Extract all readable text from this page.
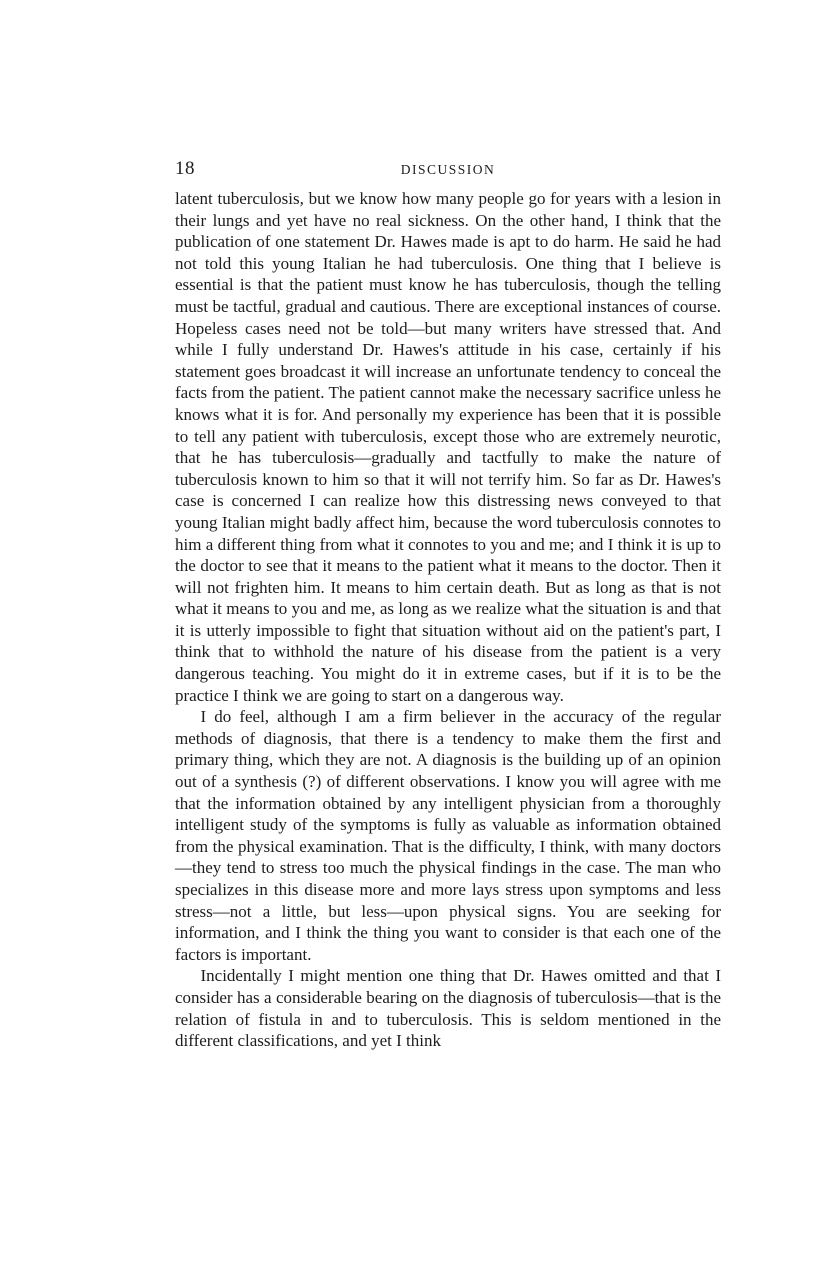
18	DISCUSSION

latent tuberculosis, but we know how many people go for years with a lesion in their lungs and yet have no real sickness. On the other hand, I think that the publication of one statement Dr. Hawes made is apt to do harm. He said he had not told this young Italian he had tuberculosis. One thing that I believe is essential is that the patient must know he has tuberculosis, though the telling must be tactful, gradual and cautious. There are exceptional instances of course. Hopeless cases need not be told—but many writers have stressed that. And while I fully understand Dr. Hawes's attitude in his case, certainly if his statement goes broadcast it will increase an unfortunate tendency to conceal the facts from the patient. The patient cannot make the necessary sacrifice unless he knows what it is for. And personally my experience has been that it is possible to tell any patient with tuberculosis, except those who are extremely neurotic, that he has tuberculosis—gradually and tactfully to make the nature of tuberculosis known to him so that it will not terrify him. So far as Dr. Hawes's case is concerned I can realize how this distressing news conveyed to that young Italian might badly affect him, because the word tuberculosis connotes to him a different thing from what it connotes to you and me; and I think it is up to the doctor to see that it means to the patient what it means to the doctor. Then it will not frighten him. It means to him certain death. But as long as that is not what it means to you and me, as long as we realize what the situation is and that it is utterly impossible to fight that situation without aid on the patient's part, I think that to withhold the nature of his disease from the patient is a very dangerous teaching. You might do it in extreme cases, but if it is to be the practice I think we are going to start on a dangerous way.

I do feel, although I am a firm believer in the accuracy of the regular methods of diagnosis, that there is a tendency to make them the first and primary thing, which they are not. A diagnosis is the building up of an opinion out of a synthesis (?) of different observations. I know you will agree with me that the information obtained by any intelligent physician from a thoroughly intelligent study of the symptoms is fully as valuable as information obtained from the physical examination. That is the difficulty, I think, with many doctors—they tend to stress too much the physical findings in the case. The man who specializes in this disease more and more lays stress upon symptoms and less stress—not a little, but less—upon physical signs. You are seeking for information, and I think the thing you want to consider is that each one of the factors is important.

Incidentally I might mention one thing that Dr. Hawes omitted and that I consider has a considerable bearing on the diagnosis of tuberculosis—that is the relation of fistula in and to tuberculosis. This is seldom mentioned in the different classifications, and yet I think
